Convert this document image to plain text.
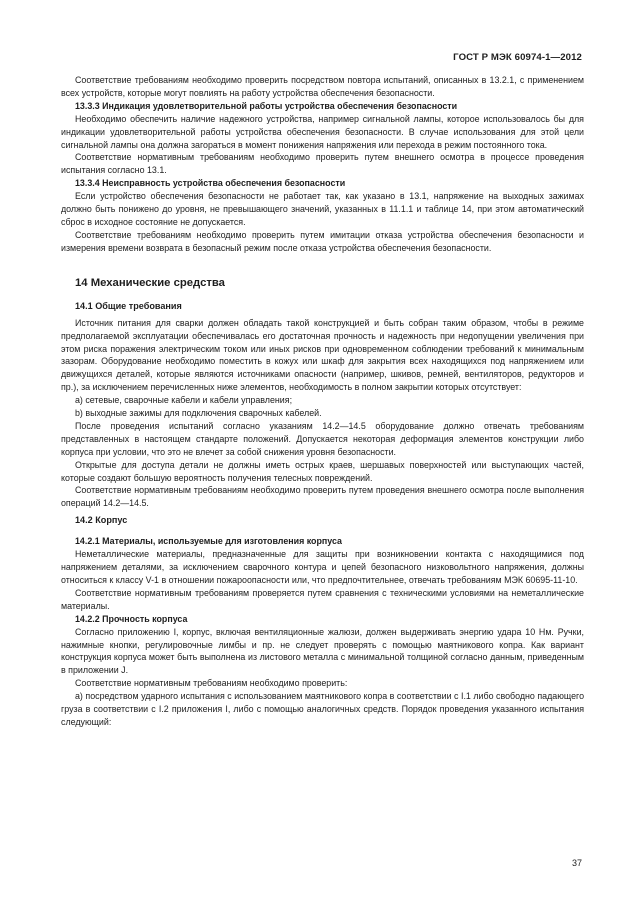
ГОСТ Р МЭК 60974-1—2012

Соответствие требованиям необходимо проверить посредством повтора испытаний, описанных в 13.2.1, с применением всех устройств, которые могут повлиять на работу устройства обеспечения безопасности.

13.3.3 Индикация удовлетворительной работы устройства обеспечения безопасности

Необходимо обеспечить наличие надежного устройства, например сигнальной лампы, которое использовалось бы для индикации удовлетворительной работы устройства обеспечения безопасности. В случае использования для этой цели сигнальной лампы она должна загораться в момент понижения напряжения или перехода в режим постоянного тока.

Соответствие нормативным требованиям необходимо проверить путем внешнего осмотра в процессе проведения испытания согласно 13.1.

13.3.4 Неисправность устройства обеспечения безопасности

Если устройство обеспечения безопасности не работает так, как указано в 13.1, напряжение на выходных зажимах должно быть понижено до уровня, не превышающего значений, указанных в 11.1.1 и таблице 14, при этом автоматический сброс в исходное состояние не допускается.

Соответствие требованиям необходимо проверить путем имитации отказа устройства обеспечения безопасности и измерения времени возврата в безопасный режим после отказа устройства обеспечения безопасности.

14 Механические средства
14.1 Общие требования

Источник питания для сварки должен обладать такой конструкцией и быть собран таким образом, чтобы в режиме предполагаемой эксплуатации обеспечивалась его достаточная прочность и надежность при недопущении увеличения при этом риска поражения электрическим током или иных рисков при одновременном соблюдении требований к минимальным зазорам. Оборудование необходимо поместить в кожух или шкаф для закрытия всех находящихся под напряжением или движущихся деталей, которые являются источниками опасности (например, шкивов, ремней, вентиляторов, редукторов и пр.), за исключением перечисленных ниже элементов, необходимость в полном закрытии которых отсутствует:

a) сетевые, сварочные кабели и кабели управления;

b) выходные зажимы для подключения сварочных кабелей.

После проведения испытаний согласно указаниям 14.2—14.5 оборудование должно отвечать требованиям представленных в настоящем стандарте положений. Допускается некоторая деформация элементов конструкции либо корпуса при условии, что это не влечет за собой снижения уровня безопасности.

Открытые для доступа детали не должны иметь острых краев, шершавых поверхностей или выступающих частей, которые создают большую вероятность получения телесных повреждений.

Соответствие нормативным требованиям необходимо проверить путем проведения внешнего осмотра после выполнения операций 14.2—14.5.

14.2 Корпус
14.2.1 Материалы, используемые для изготовления корпуса

Неметаллические материалы, предназначенные для защиты при возникновении контакта с находящимися под напряжением деталями, за исключением сварочного контура и цепей безопасного низковольтного напряжения, должны относиться к классу V-1 в отношении пожароопасности или, что предпочтительнее, отвечать требованиям МЭК 60695-11-10.

Соответствие нормативным требованиям проверяется путем сравнения с техническими условиями на неметаллические материалы.

14.2.2 Прочность корпуса

Согласно приложению I, корпус, включая вентиляционные жалюзи, должен выдерживать энергию удара 10 Нм. Ручки, нажимные кнопки, регулировочные лимбы и пр. не следует проверять с помощью маятникового копра. Как вариант конструкция корпуса может быть выполнена из листового металла с минимальной толщиной согласно данным, приведенным в приложении J.

Соответствие нормативным требованиям необходимо проверить:

a) посредством ударного испытания с использованием маятникового копра в соответствии с I.1 либо свободно падающего груза в соответствии с I.2 приложения I, либо с помощью аналогичных средств. Порядок проведения указанного испытания следующий:

37
